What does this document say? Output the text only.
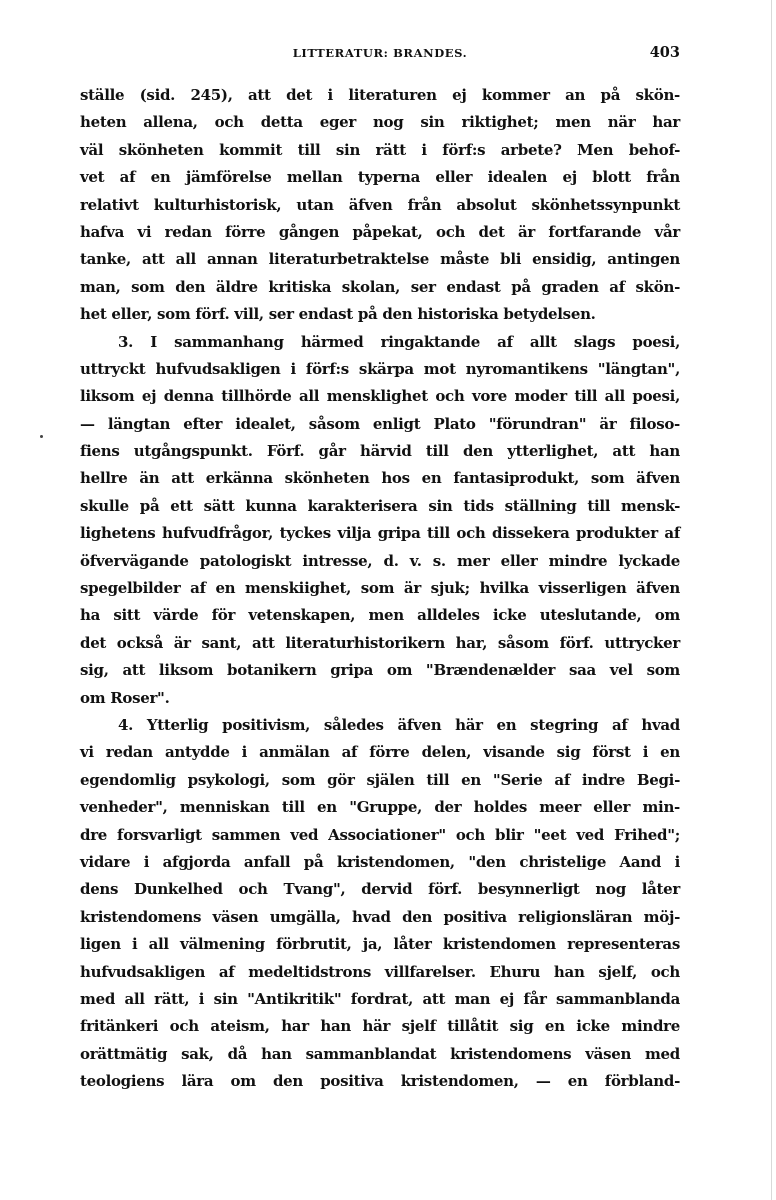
LITTERATUR: BRANDES.	403
ställe (sid. 245), att det i literaturen ej kommer an på skön-
heten allena, och detta eger nog sin riktighet; men när har
väl skönheten kommit till sin rätt i förf:s arbete? Men behof-
vet af en jämförelse mellan typerna eller idealen ej blott från
relativt kulturhistorisk, utan äfven från absolut skönhetssynpunkt
hafva vi redan förre gången påpekat, och det är fortfarande vår
tanke, att all annan literaturbetraktelse måste bli ensidig, antingen
man, som den äldre kritiska skolan, ser endast på graden af skön-
het eller, som förf. vill, ser endast på den historiska betydelsen.
3. I sammanhang härmed ringaktande af allt slags poesi,
uttryckt hufvudsakligen i förf:s skärpa mot nyromantikens "längtan",
liksom ej denna tillhörde all mensklighet och vore moder till all poesi,
— längtan efter idealet, såsom enligt Plato "förundran" är filoso-
fiens utgångspunkt. Förf. går härvid till den ytterlighet, att han
hellre än att erkänna skönheten hos en fantasiprodukt, som äfven
skulle på ett sätt kunna karakterisera sin tids ställning till mensk-
lighetens hufvudfrågor, tyckes vilja gripa till och dissekera produkter af
öfvervägande patologiskt intresse, d. v. s. mer eller mindre lyckade
spegelbilder af en menskiighet, som är sjuk; hvilka visserligen äfven
ha sitt värde för vetenskapen, men alldeles icke uteslutande, om
det också är sant, att literaturhistorikern har, såsom förf. uttrycker
sig, att liksom botanikern gripa om "Brændenælder saa vel som
om Roser".
4. Ytterlig positivism, således äfven här en stegring af hvad
vi redan antydde i anmälan af förre delen, visande sig först i en
egendomlig psykologi, som gör själen till en "Serie af indre Begi-
venheder", menniskan till en "Gruppe, der holdes meer eller min-
dre forsvarligt sammen ved Associationer" och blir "eet ved Frihed";
vidare i afgjorda anfall på kristendomen, "den christelige Aand i
dens Dunkelhed och Tvang", dervid förf. besynnerligt nog låter
kristendomens väsen umgälla, hvad den positiva religionsläran möj-
ligen i all välmening förbrutit, ja, låter kristendomen representeras
hufvudsakligen af medeltidstrons villfarelser. Ehuru han sjelf, och
med all rätt, i sin "Antikritik" fordrat, att man ej får sammanblanda
fritänkeri och ateism, har han här sjelf tillåtit sig en icke mindre
orättmätig sak, då han sammanblandat kristendomens väsen med
teologiens lära om den positiva kristendomen, — en förbland-
